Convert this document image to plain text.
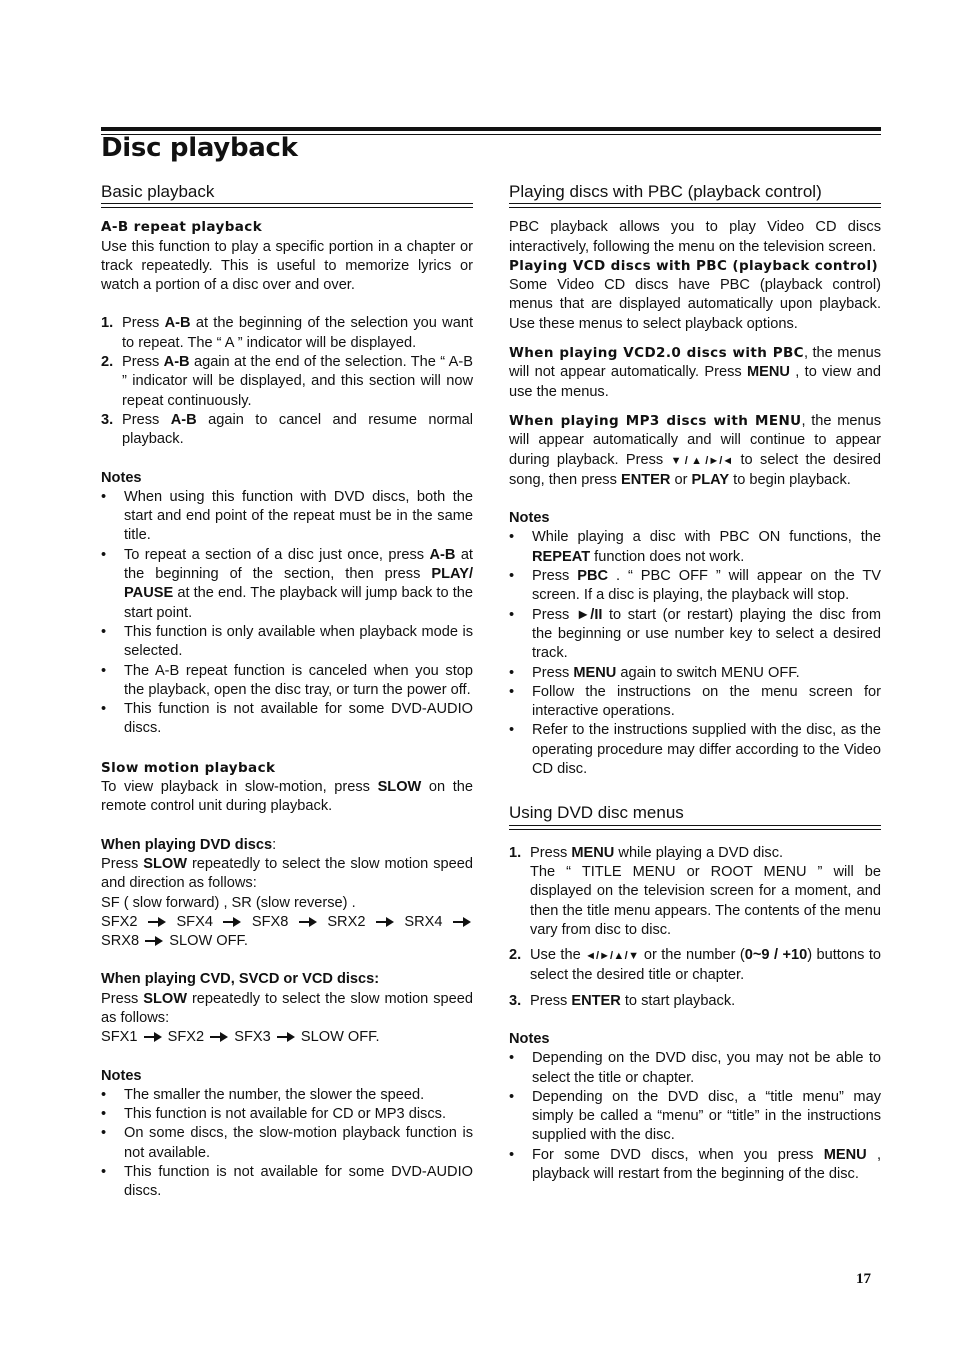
Disc playback
Basic playback
A-B repeat playback

Use this function to play a specific portion in a chapter or track repeatedly. This is useful to memorize lyrics or watch a portion of a disc over and over.

1. Press A-B at the beginning of the selection you want to repeat. The “ A ” indicator will be displayed.
2. Press A-B again at the end of the selection. The “ A-B ” indicator will be displayed, and this section will now repeat continuously.
3. Press A-B again to cancel and resume normal playback.

Notes

• When using this function with DVD discs, both the start and end point of the repeat must be in the same title.
• To repeat a section of a disc just once, press A-B at the beginning of the section, then press PLAY/ PAUSE at the end. The playback will jump back to the start point.
• This function is only available when playback mode is selected.
• The A-B repeat function is canceled when you stop the playback, open the disc tray, or turn the power off.
• This function is not available for some DVD-AUDIO discs.
Slow motion playback

To view playback in slow-motion, press SLOW on the remote control unit during playback.

When playing DVD discs:

Press SLOW repeatedly to select the slow motion speed and direction as follows:

SF ( slow forward) , SR (slow reverse) .

SFX2	SFX4	SFX8	SRX2	SRX4  SRX8 SLOW OFF.

When playing CVD, SVCD or VCD discs:

Press SLOW repeatedly to select the slow motion speed as follows:

SFX1 SFX2 SFX3 SLOW OFF.

Notes

• The smaller the number, the slower the speed.
• This function is not available for CD or MP3 discs.
• On some discs, the slow-motion playback function is not available.
• This function is not available for some DVD-AUDIO discs.
Playing discs with PBC (playback control)

PBC playback allows you to play Video CD discs interactively, following the menu on the television screen.

Playing VCD discs with PBC (playback control)

Some Video CD discs have PBC (playback control) menus that are displayed automatically upon playback. Use these menus to select playback options.

When playing VCD2.0 discs with PBC, the menus will not appear automatically. Press MENU , to view and use the menus.

When playing MP3 discs with MENU, the menus will appear automatically and will continue to appear during playback. Press ▼/▲/►/◄ to select the desired song, then press ENTER or PLAY to begin playback.

Notes

• While playing a disc with PBC ON functions, the REPEAT function does not work.
• Press PBC . “ PBC OFF ” will appear on the TV screen. If a disc is playing, the playback will stop.
• Press ►/II to start (or restart) playing the disc from the beginning or use number key to select a desired track.
• Press MENU again to switch MENU OFF.
• Follow the instructions on the menu screen for interactive operations.
• Refer to the instructions supplied with the disc, as the operating procedure may differ according to the Video CD disc.
Using DVD disc menus
1. Press MENU while playing a DVD disc.
The “ TITLE MENU or ROOT MENU ” will be displayed on the television screen for a moment, and then the title menu appears. The contents of the menu vary from disc to disc.
2. Use the ◄/►/▲/▼ or the number (0~9 / +10) buttons to select the desired title or chapter.
3. Press ENTER to start playback.

Notes

• Depending on the DVD disc, you may not be able to select the title or chapter.
• Depending on the DVD disc, a “title menu” may simply be called a “menu” or “title” in the instructions supplied with the disc.
• For some DVD discs, when you press MENU , playback will restart from the beginning of the disc.
17
